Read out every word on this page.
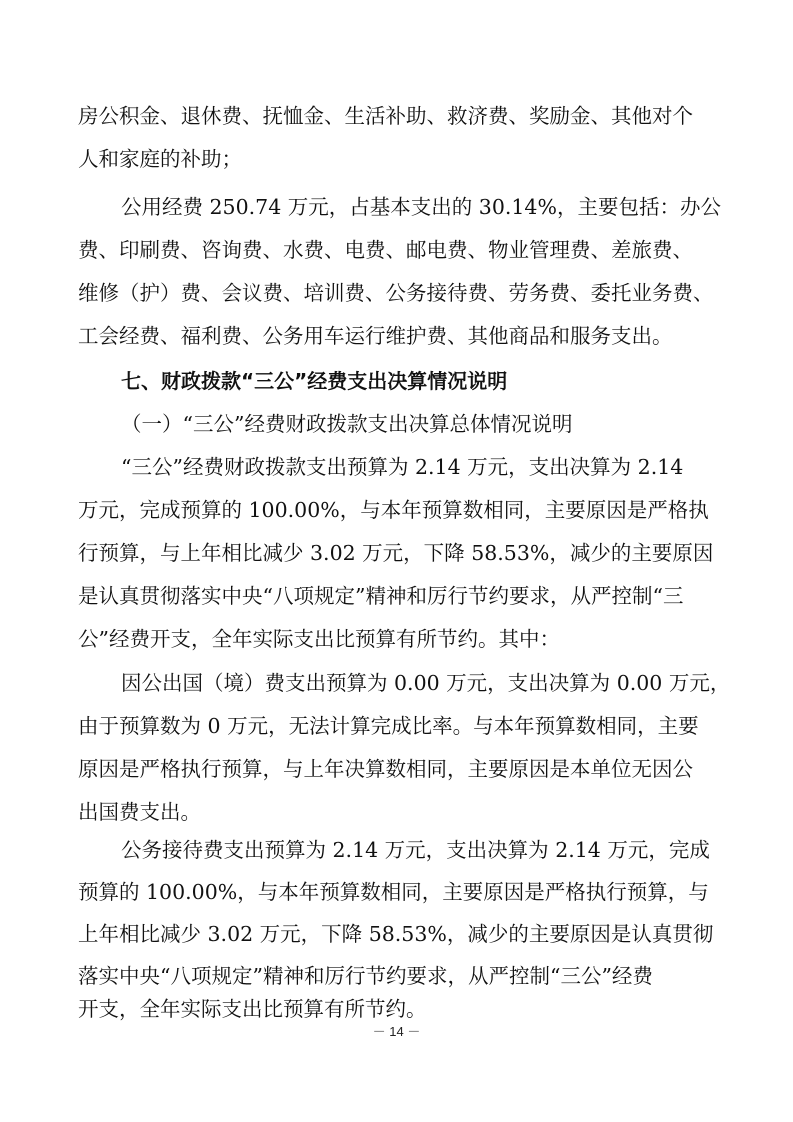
房公积金、退休费、抚恤金、生活补助、救济费、奖励金、其他对个

人和家庭的补助；

公用经费 250.74 万元，占基本支出的 30.14%，主要包括：办公

费、印刷费、咨询费、水费、电费、邮电费、物业管理费、差旅费、

维修（护）费、会议费、培训费、公务接待费、劳务费、委托业务费、

工会经费、福利费、公务用车运行维护费、其他商品和服务支出。

七、财政拨款“三公”经费支出决算情况说明

（一）“三公”经费财政拨款支出决算总体情况说明

“三公”经费财政拨款支出预算为 2.14 万元，支出决算为 2.14

万元，完成预算的 100.00%，与本年预算数相同，主要原因是严格执

行预算，与上年相比减少 3.02 万元，下降 58.53%，减少的主要原因

是认真贯彻落实中央“八项规定”精神和厉行节约要求，从严控制“三

公”经费开支，全年实际支出比预算有所节约。其中：

因公出国（境）费支出预算为 0.00 万元，支出决算为 0.00 万元，

由于预算数为 0 万元，无法计算完成比率。与本年预算数相同，主要

原因是严格执行预算，与上年决算数相同，主要原因是本单位无因公

出国费支出。

公务接待费支出预算为 2.14 万元，支出决算为 2.14 万元，完成

预算的 100.00%，与本年预算数相同，主要原因是严格执行预算，与

上年相比减少 3.02 万元，下降 58.53%，减少的主要原因是认真贯彻

落实中央“八项规定”精神和厉行节约要求，从严控制“三公”经费

开支，全年实际支出比预算有所节约。

－ 14 －
